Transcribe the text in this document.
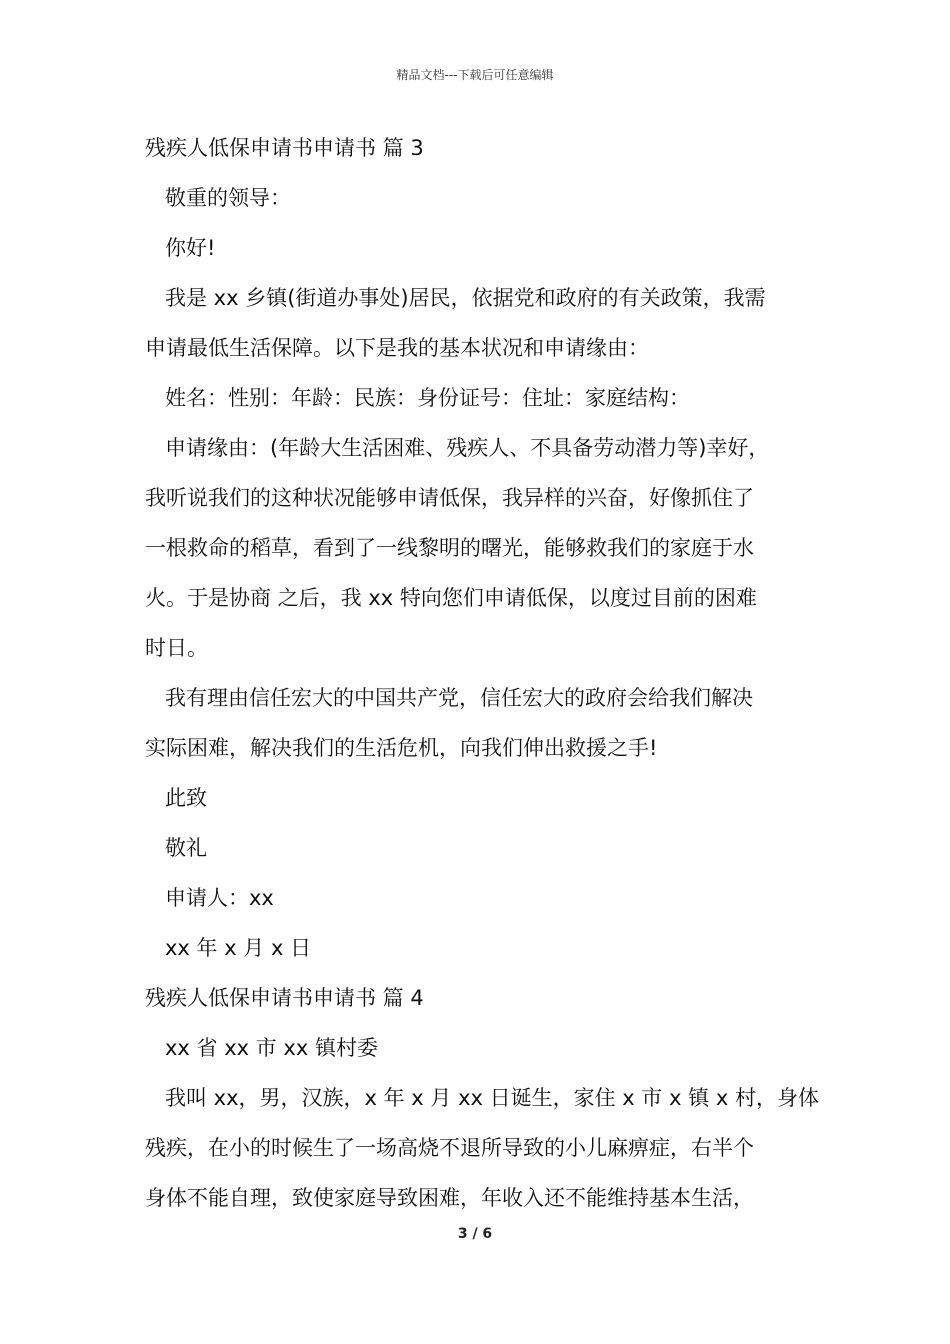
精品文档---下载后可任意编辑
残疾人低保申请书申请书 篇 3
敬重的领导：
你好!
我是 xx 乡镇(街道办事处)居民，依据党和政府的有关政策，我需
申请最低生活保障。以下是我的基本状况和申请缘由：
姓名：性别：年龄：民族：身份证号：住址：家庭结构：
申请缘由：(年龄大生活困难、残疾人、不具备劳动潜力等)幸好，
我听说我们的这种状况能够申请低保，我异样的兴奋，好像抓住了
一根救命的稻草，看到了一线黎明的曙光，能够救我们的家庭于水
火。于是协商 之后，我 xx 特向您们申请低保，以度过目前的困难
时日。
我有理由信任宏大的中国共产党，信任宏大的政府会给我们解决
实际困难，解决我们的生活危机，向我们伸出救援之手!
此致
敬礼
申请人：xx
xx 年 x 月 x 日
残疾人低保申请书申请书 篇 4
xx 省 xx 市 xx 镇村委
我叫 xx，男，汉族，x 年 x 月 xx 日诞生，家住 x 市 x 镇 x 村，身体
残疾，在小的时候生了一场高烧不退所导致的小儿麻痹症，右半个
身体不能自理，致使家庭导致困难，年收入还不能维持基本生活，
3 / 6
